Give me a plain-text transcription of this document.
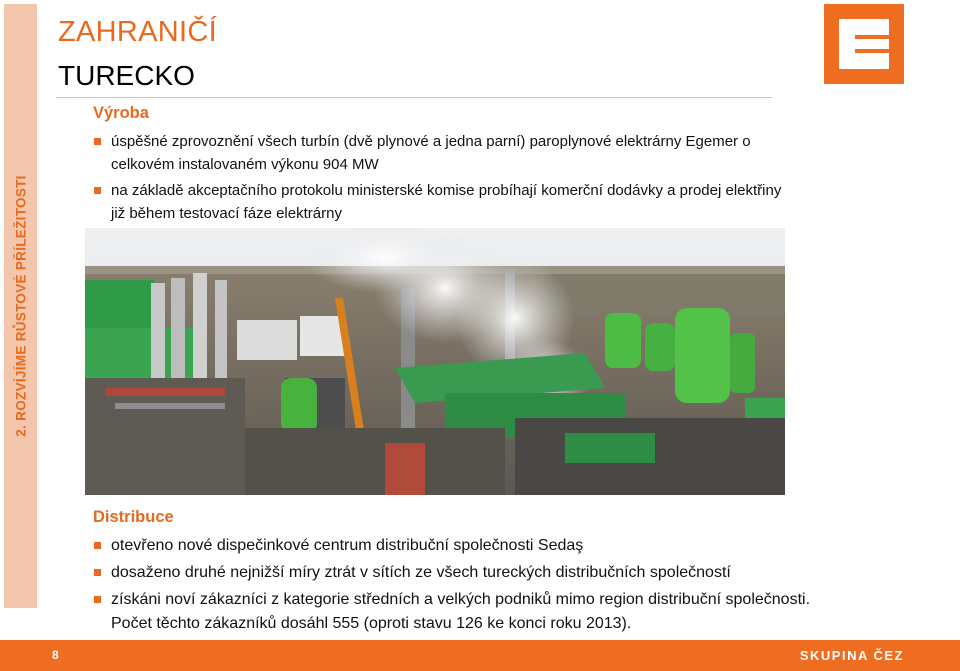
2. ROZVÍJÍME RŮSTOVÉ PŘÍLEŽITOSTI
ZAHRANIČÍ
TURECKO
Výroba
úspěšné zprovoznění všech turbín (dvě plynové a jedna parní) paroplynové elektrárny Egemer o celkovém instalovaném výkonu 904 MW
na základě akceptačního protokolu ministerské komise probíhají komerční dodávky a prodej elektřiny již během testovací fáze elektrárny
Distribuce
otevřeno nové dispečinkové centrum distribuční společnosti Sedaş
dosaženo druhé nejnižší míry ztrát v sítích ze všech tureckých distribučních společností
získáni noví zákazníci z kategorie středních a velkých podniků mimo region distribuční společnosti. Počet těchto zákazníků dosáhl 555 (oproti stavu 126 ke konci roku 2013).
8	SKUPINA ČEZ
